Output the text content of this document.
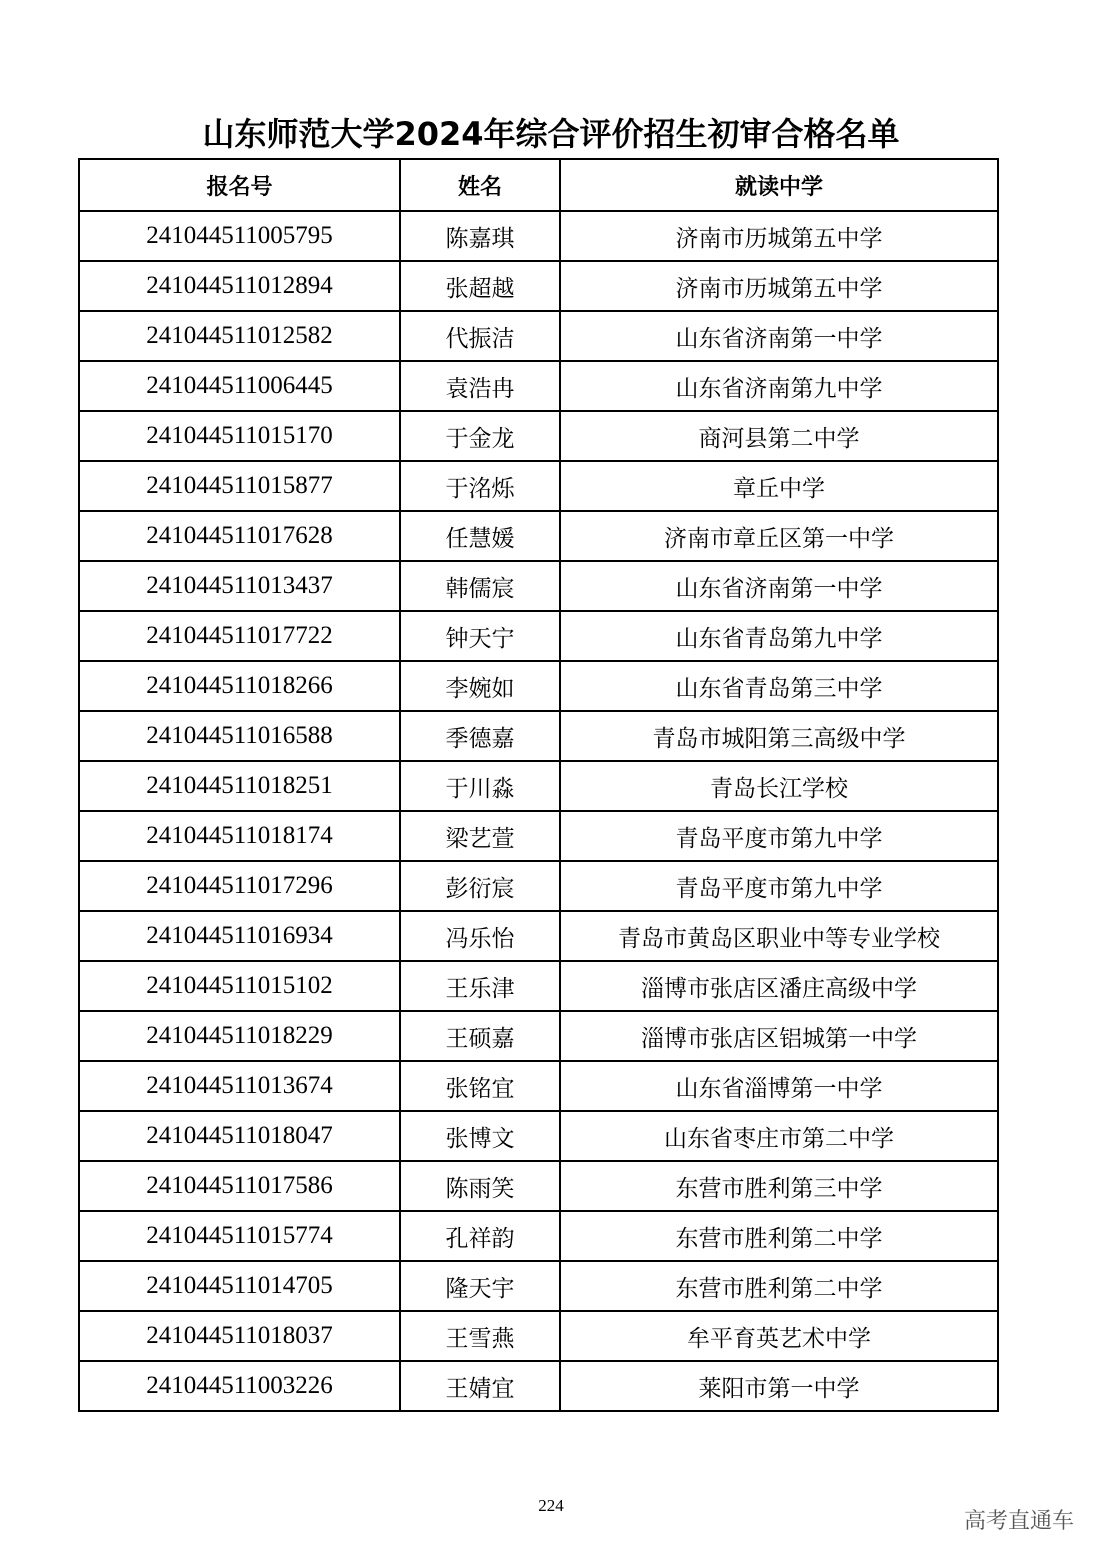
山东师范大学2024年综合评价招生初审合格名单
报名号	姓名	就读中学
241044511005795	陈嘉琪	济南市历城第五中学
241044511012894	张超越	济南市历城第五中学
241044511012582	代振洁	山东省济南第一中学
241044511006445	袁浩冉	山东省济南第九中学
241044511015170	于金龙	商河县第二中学
241044511015877	于洺烁	章丘中学
241044511017628	任慧媛	济南市章丘区第一中学
241044511013437	韩儒宸	山东省济南第一中学
241044511017722	钟天宁	山东省青岛第九中学
241044511018266	李婉如	山东省青岛第三中学
241044511016588	季德嘉	青岛市城阳第三高级中学
241044511018251	于川淼	青岛长江学校
241044511018174	梁艺萱	青岛平度市第九中学
241044511017296	彭衍宸	青岛平度市第九中学
241044511016934	冯乐怡	青岛市黄岛区职业中等专业学校
241044511015102	王乐津	淄博市张店区潘庄高级中学
241044511018229	王硕嘉	淄博市张店区铝城第一中学
241044511013674	张铭宜	山东省淄博第一中学
241044511018047	张博文	山东省枣庄市第二中学
241044511017586	陈雨笑	东营市胜利第三中学
241044511015774	孔祥韵	东营市胜利第二中学
241044511014705	隆天宇	东营市胜利第二中学
241044511018037	王雪燕	牟平育英艺术中学
241044511003226	王婧宜	莱阳市第一中学
224
高考直通车
